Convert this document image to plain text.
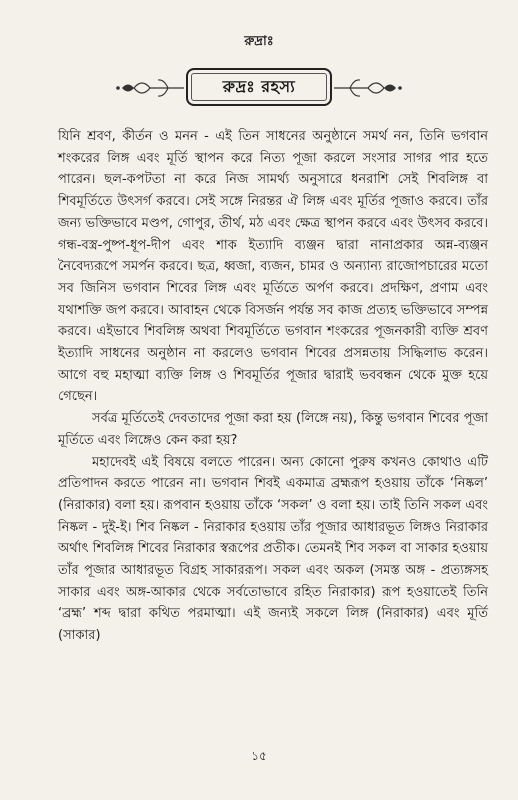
রুদ্রাঃ
রুদ্রঃ রহস্য

যিনি শ্রবণ, কীর্তন ও মনন - এই তিন সাধনের অনুষ্ঠানে সমর্থ নন, তিনি ভগবান শংকরের লিঙ্গ এবং মূর্তি স্থাপন করে নিত্য পূজা করলে সংসার সাগর পার হতে পারেন। ছল-কপটতা না করে নিজ সামর্থ্য অনুসারে ধনরাশি সেই শিবলিঙ্গ বা শিবমূর্তিতে উৎসর্গ করবে। সেই সঙ্গে নিরন্তর ঐ লিঙ্গ এবং মূর্তির পূজাও করবে। তাঁর জন্য ভক্তিভাবে মণ্ডপ, গোপুর, তীর্থ, মঠ এবং ক্ষেত্র স্থাপন করবে এবং উৎসব করবে। গন্ধ-বস্ত্র-পুষ্প-ধূপ-দীপ এবং শাক ইত্যাদি ব্যঞ্জন দ্বারা নানাপ্রকার অন্ন-ব্যঞ্জন নৈবেদ্যরূপে সমর্পন করবে। ছত্র, ধ্বজা, ব্যজন, চামর ও অন্যান্য রাজোপচারের মতো সব জিনিস ভগবান শিবের লিঙ্গ এবং মূর্তিতে অর্পণ করবে। প্রদক্ষিণ, প্রণাম এবং যথাশক্তি জপ করবে। আবাহন থেকে বিসর্জন পর্যন্ত সব কাজ প্রত্যহ ভক্তিভাবে সম্পন্ন করবে। এইভাবে শিবলিঙ্গ অথবা শিবমূর্তিতে ভগবান শংকরের পূজনকারী ব্যক্তি শ্রবণ ইত্যাদি সাধনের অনুষ্ঠান না করলেও ভগবান শিবের প্রসন্নতায় সিদ্ধিলাভ করেন। আগে বহু মহাত্মা ব্যক্তি লিঙ্গ ও শিবমূর্তির পূজার দ্বারাই ভববন্ধন থেকে মুক্ত হয়ে গেছেন।

সর্বত্র মূর্তিতেই দেবতাদের পূজা করা হয় (লিঙ্গে নয়), কিন্তু ভগবান শিবের পূজা মূর্তিতে এবং লিঙ্গেও কেন করা হয়?

মহাদেবই এই বিষয়ে বলতে পারেন। অন্য কোনো পুরুষ কখনও কোথাও এটি প্রতিপাদন করতে পারেন না। ভগবান শিবই একমাত্র ব্রহ্মরূপ হওয়ায় তাঁকে ‘নিষ্কল’ (নিরাকার) বলা হয়। রূপবান হওয়ায় তাঁকে ‘সকল’ ও বলা হয়। তাই তিনি সকল এবং নিষ্কল - দুই-ই। শিব নিষ্কল - নিরাকার হওয়ায় তাঁর পূজার আধারভূত লিঙ্গও নিরাকার অর্থাৎ শিবলিঙ্গ শিবের নিরাকার স্বরূপের প্রতীক। তেমনই শিব সকল বা সাকার হওয়ায় তাঁর পূজার আধারভূত বিগ্রহ সাকাররূপ। সকল এবং অকল (সমস্ত অঙ্গ - প্রত্যঙ্গসহ সাকার এবং অঙ্গ-আকার থেকে সর্বতোভাবে রহিত নিরাকার) রূপ হওয়াতেই তিনি ‘ব্রহ্ম’ শব্দ দ্বারা কথিত পরমাত্মা। এই জন্যই সকলে লিঙ্গ (নিরাকার) এবং মূর্তি (সাকার)

১৫
